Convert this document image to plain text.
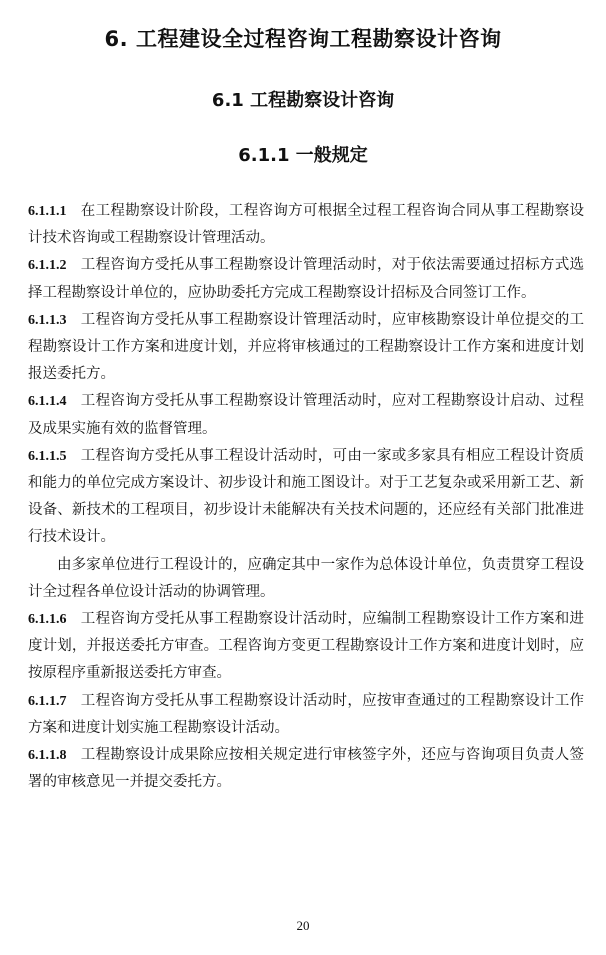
6. 工程建设全过程咨询工程勘察设计咨询
6.1 工程勘察设计咨询
6.1.1 一般规定

6.1.1.1 在工程勘察设计阶段，工程咨询方可根据全过程工程咨询合同从事工程勘察设计技术咨询或工程勘察设计管理活动。

6.1.1.2 工程咨询方受托从事工程勘察设计管理活动时，对于依法需要通过招标方式选择工程勘察设计单位的，应协助委托方完成工程勘察设计招标及合同签订工作。

6.1.1.3 工程咨询方受托从事工程勘察设计管理活动时，应审核勘察设计单位提交的工程勘察设计工作方案和进度计划，并应将审核通过的工程勘察设计工作方案和进度计划报送委托方。

6.1.1.4 工程咨询方受托从事工程勘察设计管理活动时，应对工程勘察设计启动、过程及成果实施有效的监督管理。

6.1.1.5 工程咨询方受托从事工程设计活动时，可由一家或多家具有相应工程设计资质和能力的单位完成方案设计、初步设计和施工图设计。对于工艺复杂或采用新工艺、新设备、新技术的工程项目，初步设计未能解决有关技术问题的，还应经有关部门批准进行技术设计。

由多家单位进行工程设计的，应确定其中一家作为总体设计单位，负责贯穿工程设计全过程各单位设计活动的协调管理。

6.1.1.6 工程咨询方受托从事工程勘察设计活动时，应编制工程勘察设计工作方案和进度计划，并报送委托方审查。工程咨询方变更工程勘察设计工作方案和进度计划时，应按原程序重新报送委托方审查。

6.1.1.7 工程咨询方受托从事工程勘察设计活动时，应按审查通过的工程勘察设计工作方案和进度计划实施工程勘察设计活动。

6.1.1.8 工程勘察设计成果除应按相关规定进行审核签字外，还应与咨询项目负责人签署的审核意见一并提交委托方。

20
